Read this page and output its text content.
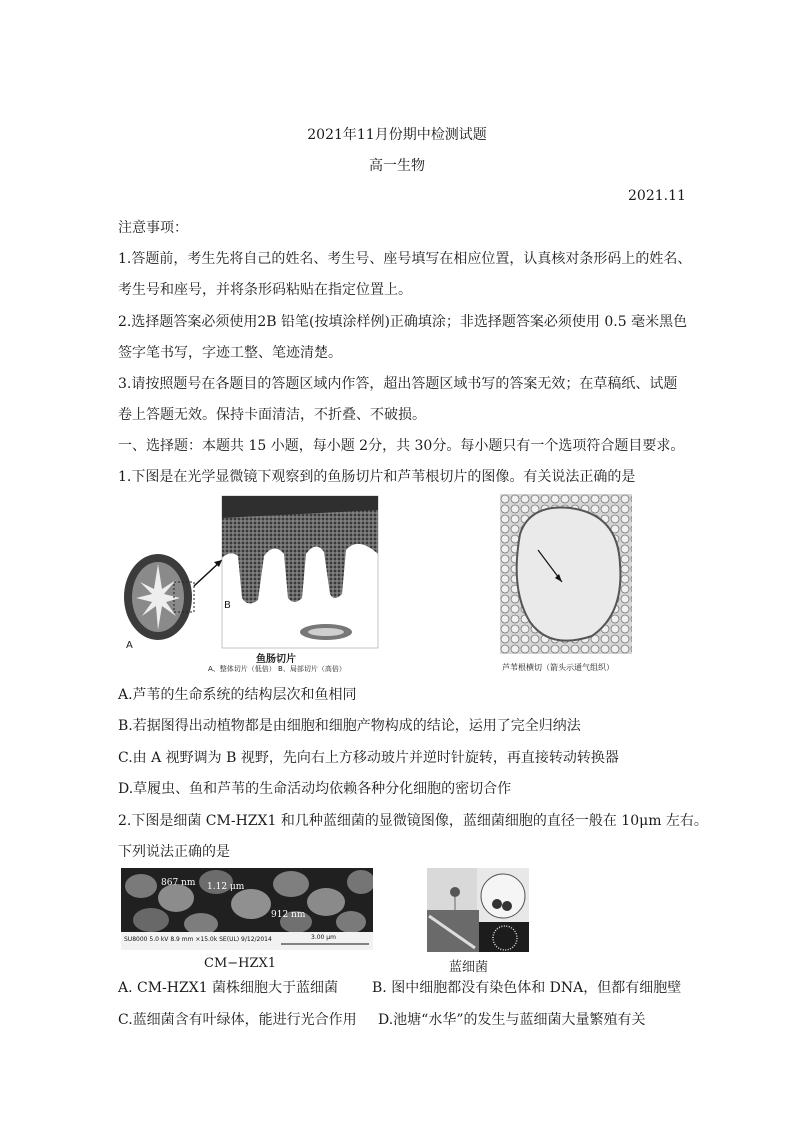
2021年11月份期中检测试题
高一生物
2021.11
注意事项：
1.答题前，考生先将自己的姓名、考生号、座号填写在相应位置，认真核对条形码上的姓名、
考生号和座号，并将条形码粘贴在指定位置上。
2.选择题答案必须使用2B 铅笔(按填涂样例)正确填涂；非选择题答案必须使用 0.5 毫米黑色
签字笔书写，字迹工整、笔迹清楚。
3.请按照题号在各题目的答题区域内作答，超出答题区域书写的答案无效；在草稿纸、试题
卷上答题无效。保持卡面清洁，不折叠、不破损。
一、选择题：本题共 15 小题，每小题 2分，共 30分。每小题只有一个选项符合题目要求。
1.下图是在光学显微镜下观察到的鱼肠切片和芦苇根切片的图像。有关说法正确的是
A
B
鱼肠切片
A、整体切片（低倍） B、局部切片（高倍）	芦苇根横切（箭头示通气组织）
A.芦苇的生命系统的结构层次和鱼相同
B.若据图得出动植物都是由细胞和细胞产物构成的结论，运用了完全归纳法
C.由 A 视野调为 B 视野，先向右上方移动玻片并逆时针旋转，再直接转动转换器
D.草履虫、鱼和芦苇的生命活动均依赖各种分化细胞的密切合作
2.下图是细菌 CM-HZX1 和几种蓝细菌的显微镜图像，蓝细菌细胞的直径一般在 10μm 左右。
下列说法正确的是
867 nm 1.12 μm
912 nm
SU8000 5.0 kV 8.9 mm ×15.0k SE(UL) 9/12/2014	3.00 μm
CM−HZX1	蓝细菌
A. CM-HZX1 菌株细胞大于蓝细菌 B. 图中细胞都没有染色体和 DNA，但都有细胞壁
C.蓝细菌含有叶绿体，能进行光合作用 D.池塘“水华”的发生与蓝细菌大量繁殖有关
